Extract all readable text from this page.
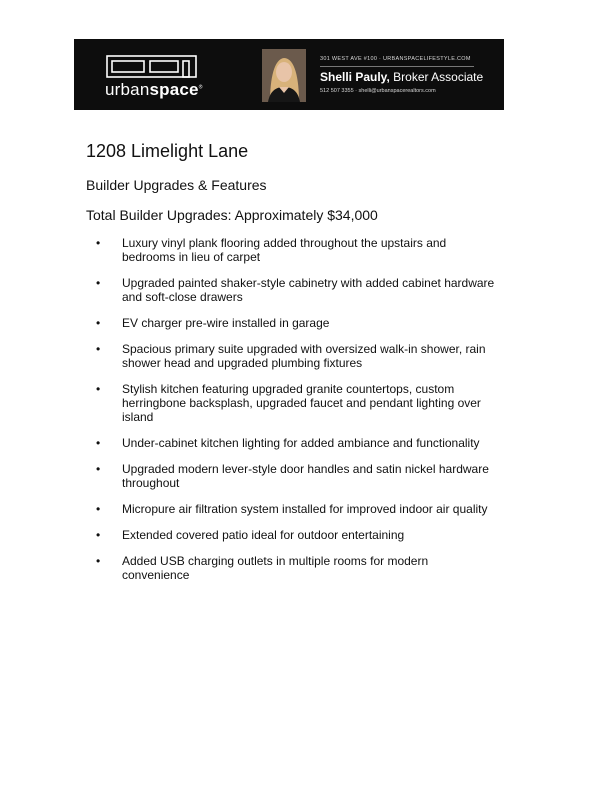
urbanspace®
301 WEST AVE #100 · URBANSPACELIFESTYLE.COM
Shelli Pauly, Broker Associate
512 507 3355 · shelli@urbanspacerealtors.com
1208 Limelight Lane
Builder Upgrades & Features
Total Builder Upgrades: Approximately $34,000
• Luxury vinyl plank flooring added throughout the upstairs and bedrooms in lieu of carpet
• Upgraded painted shaker-style cabinetry with added cabinet hardware and soft-close drawers
• EV charger pre-wire installed in garage
• Spacious primary suite upgraded with oversized walk-in shower, rain shower head and upgraded plumbing fixtures
• Stylish kitchen featuring upgraded granite countertops, custom herringbone backsplash, upgraded faucet and pendant lighting over island
• Under-cabinet kitchen lighting for added ambiance and functionality
• Upgraded modern lever-style door handles and satin nickel hardware throughout
• Micropure air filtration system installed for improved indoor air quality
• Extended covered patio ideal for outdoor entertaining
• Added USB charging outlets in multiple rooms for modern convenience
